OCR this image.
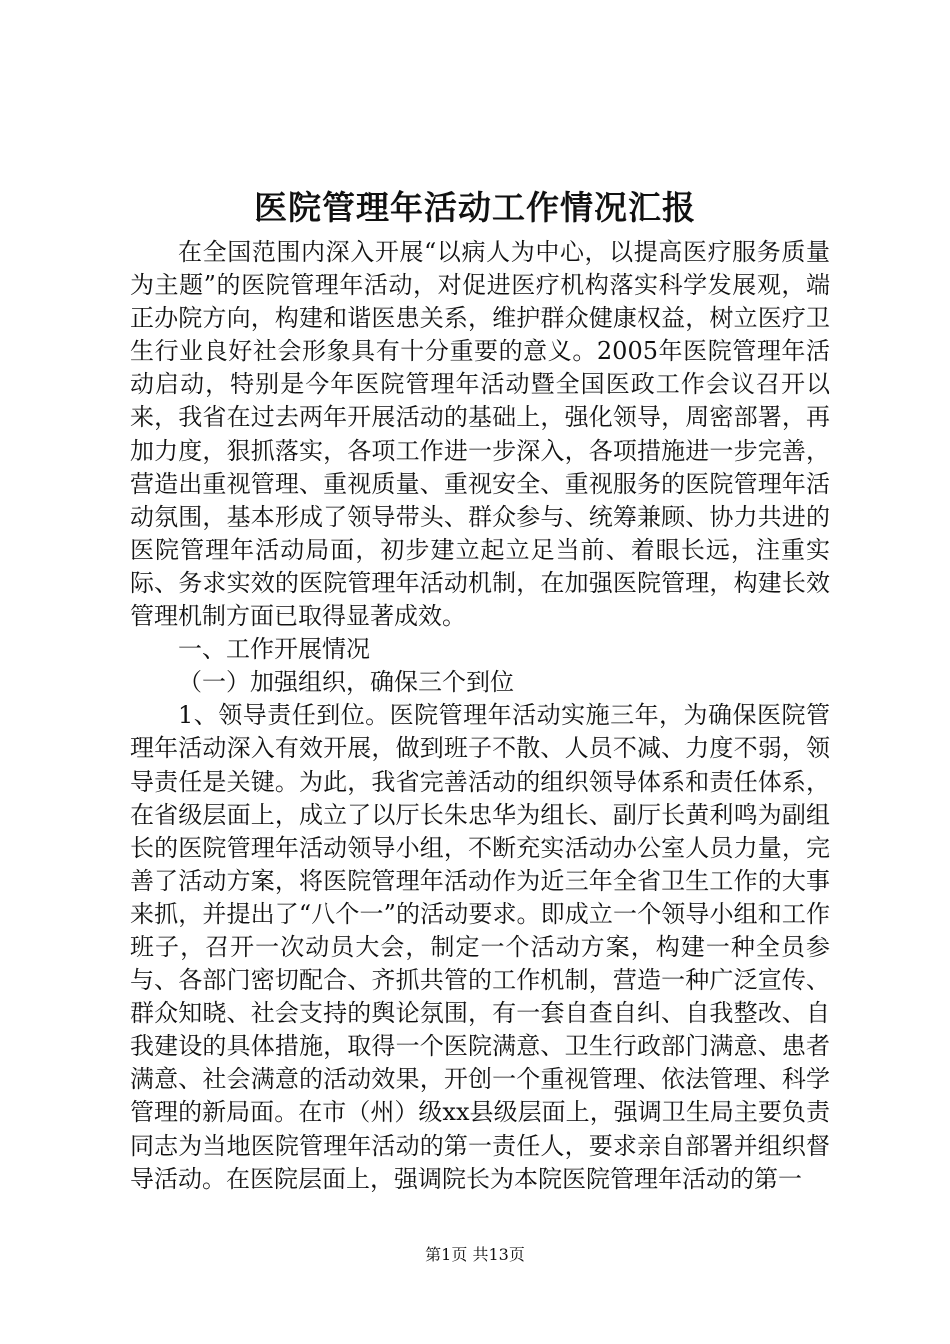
医院管理年活动工作情况汇报

在全国范围内深入开展“以病人为中心，以提高医疗服务质量为主题”的医院管理年活动，对促进医疗机构落实科学发展观，端正办院方向，构建和谐医患关系，维护群众健康权益，树立医疗卫生行业良好社会形象具有十分重要的意义。2005年医院管理年活动启动，特别是今年医院管理年活动暨全国医政工作会议召开以来，我省在过去两年开展活动的基础上，强化领导，周密部署，再加力度，狠抓落实，各项工作进一步深入，各项措施进一步完善，营造出重视管理、重视质量、重视安全、重视服务的医院管理年活动氛围，基本形成了领导带头、群众参与、统筹兼顾、协力共进的医院管理年活动局面，初步建立起立足当前、着眼长远，注重实际、务求实效的医院管理年活动机制，在加强医院管理，构建长效管理机制方面已取得显著成效。

一、工作开展情况

（一）加强组织，确保三个到位

1、领导责任到位。医院管理年活动实施三年，为确保医院管理年活动深入有效开展，做到班子不散、人员不减、力度不弱，领导责任是关键。为此，我省完善活动的组织领导体系和责任体系，在省级层面上，成立了以厅长朱忠华为组长、副厅长黄利鸣为副组长的医院管理年活动领导小组，不断充实活动办公室人员力量，完善了活动方案，将医院管理年活动作为近三年全省卫生工作的大事来抓，并提出了“八个一”的活动要求。即成立一个领导小组和工作班子，召开一次动员大会，制定一个活动方案，构建一种全员参与、各部门密切配合、齐抓共管的工作机制，营造一种广泛宣传、群众知晓、社会支持的舆论氛围，有一套自查自纠、自我整改、自我建设的具体措施，取得一个医院满意、卫生行政部门满意、患者满意、社会满意的活动效果，开创一个重视管理、依法管理、科学管理的新局面。在市（州）级xx县级层面上，强调卫生局主要负责同志为当地医院管理年活动的第一责任人，要求亲自部署并组织督导活动。在医院层面上，强调院长为本院医院管理年活动的第一

第1页 共13页
